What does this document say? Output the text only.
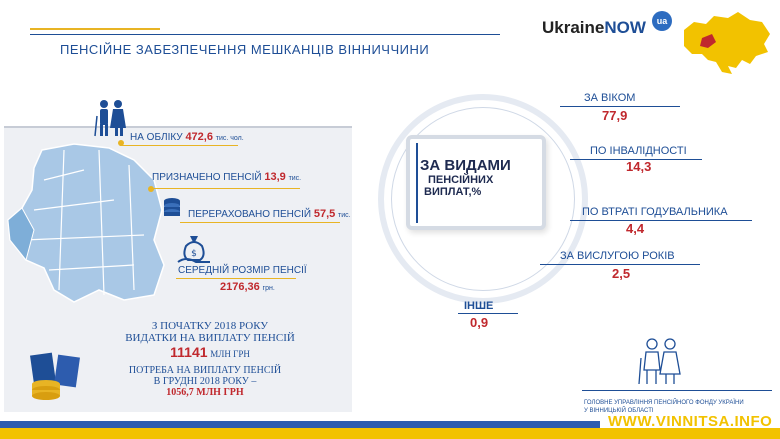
ПЕНСІЙНЕ ЗАБЕЗПЕЧЕННЯ МЕШКАНЦІВ ВІННИЧЧИНИ
UkraineNOW	ua
НА ОБЛІКУ 472,6 тис. чол.
ПРИЗНАЧЕНО ПЕНСІЙ 13,9 тис.
ПЕРЕРАХОВАНО ПЕНСІЙ 57,5 тис.
$
СЕРЕДНІЙ РОЗМІР ПЕНСІЇ
2176,36 грн.
З ПОЧАТКУ 2018 РОКУ
ВИДАТКИ НА ВИПЛАТУ ПЕНСІЙ
11141 МЛН ГРН
ПОТРЕБА НА ВИПЛАТУ ПЕНСІЙ
В ГРУДНІ 2018 РОКУ –
1056,7 МЛН ГРН
ЗА ВИДАМИ
ПЕНСІЙНИХ
ВИПЛАТ,%
ЗА ВІКОМ
77,9
ПО ІНВАЛІДНОСТІ
14,3
ПО ВТРАТІ ГОДУВАЛЬНИКА
4,4
ЗА ВИСЛУГОЮ РОКІВ
2,5
ІНШЕ
0,9
ГОЛОВНЕ УПРАВЛІННЯ ПЕНСІЙНОГО ФОНДУ УКРАЇНИ
У ВІННИЦЬКІЙ ОБЛАСТІ
WWW.VINNITSA.INFO
